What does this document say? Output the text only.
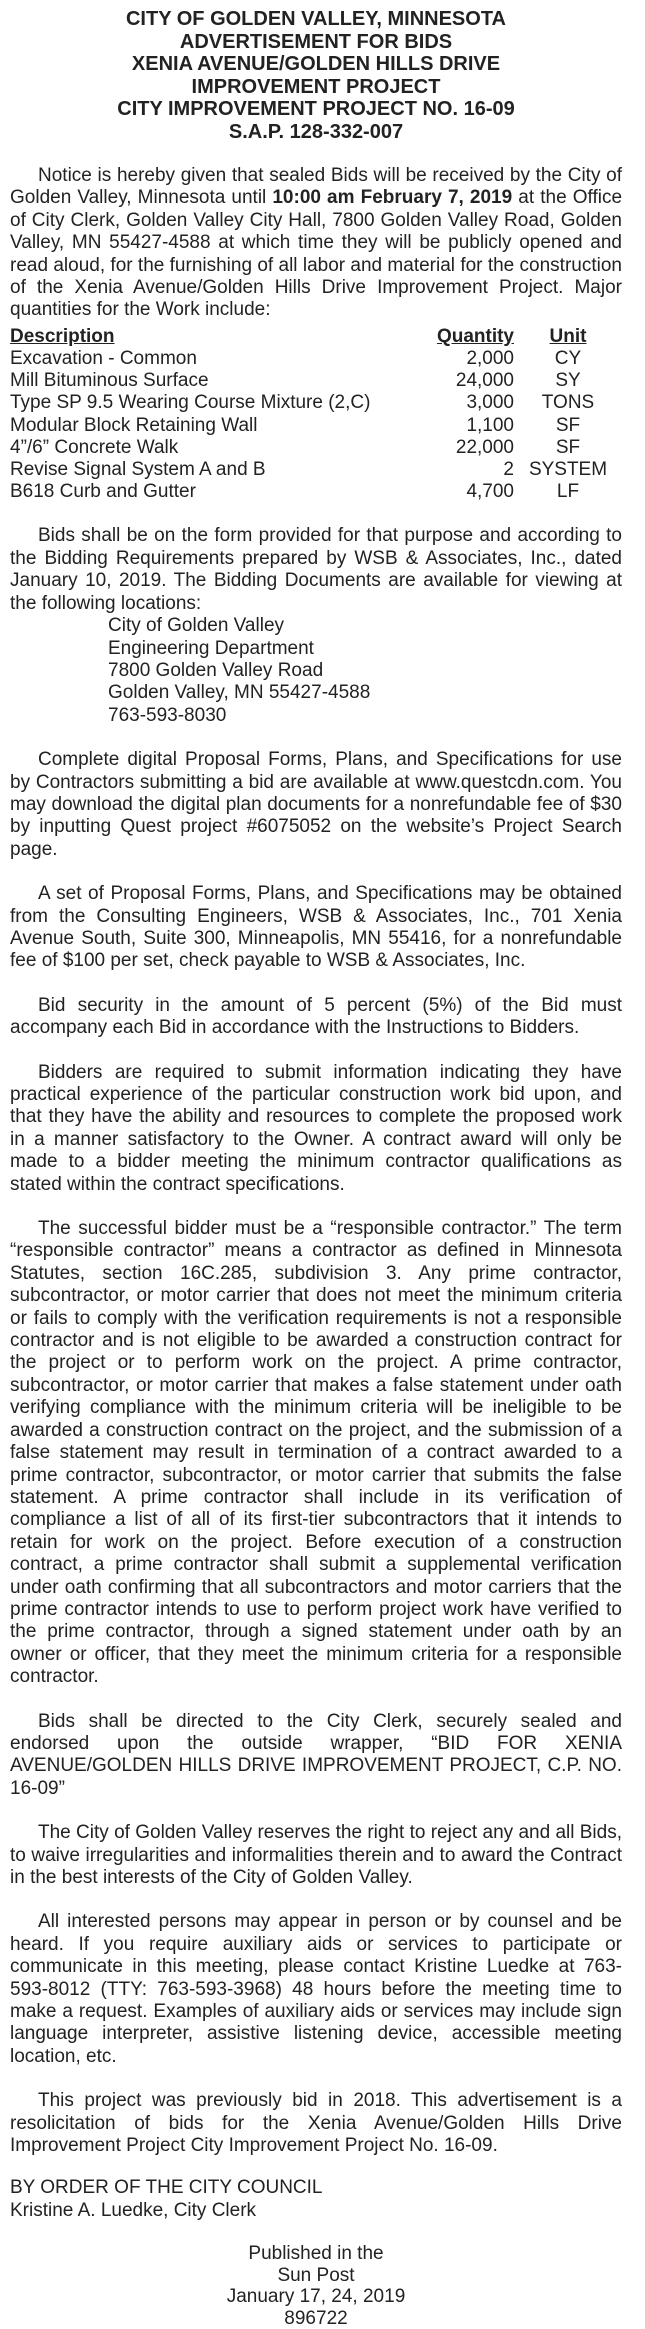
CITY OF GOLDEN VALLEY, MINNESOTA
ADVERTISEMENT FOR BIDS
XENIA AVENUE/GOLDEN HILLS DRIVE
IMPROVEMENT PROJECT
CITY IMPROVEMENT PROJECT NO. 16-09
S.A.P. 128-332-007

Notice is hereby given that sealed Bids will be received by the City of Golden Valley, Minnesota until 10:00 am February 7, 2019 at the Office of City Clerk, Golden Valley City Hall, 7800 Golden Valley Road, Golden Valley, MN 55427-4588 at which time they will be publicly opened and read aloud, for the furnishing of all labor and material for the construction of the Xenia Avenue/Golden Hills Drive Improvement Project. Major quantities for the Work include:

Description	Quantity	Unit
Excavation - Common	2,000	CY
Mill Bituminous Surface	24,000	SY
Type SP 9.5 Wearing Course Mixture (2,C)	3,000	TONS
Modular Block Retaining Wall	1,100	SF
4”/6” Concrete Walk	22,000	SF
Revise Signal System A and B	2	SYSTEM
B618 Curb and Gutter	4,700	LF

Bids shall be on the form provided for that purpose and according to the Bidding Requirements prepared by WSB & Associates, Inc., dated January 10, 2019. The Bidding Documents are available for viewing at the following locations:

City of Golden Valley
Engineering Department
7800 Golden Valley Road
Golden Valley, MN 55427-4588
763-593-8030

Complete digital Proposal Forms, Plans, and Specifications for use by Contractors submitting a bid are available at www.questcdn.com. You may download the digital plan documents for a nonrefundable fee of $30 by inputting Quest project #6075052 on the website’s Project Search page.

A set of Proposal Forms, Plans, and Specifications may be obtained from the Consulting Engineers, WSB & Associates, Inc., 701 Xenia Avenue South, Suite 300, Minneapolis, MN 55416, for a nonrefundable fee of $100 per set, check payable to WSB & Associates, Inc.

Bid security in the amount of 5 percent (5%) of the Bid must accompany each Bid in accordance with the Instructions to Bidders.

Bidders are required to submit information indicating they have practical experience of the particular construction work bid upon, and that they have the ability and resources to complete the proposed work in a manner satisfactory to the Owner. A contract award will only be made to a bidder meeting the minimum contractor qualifications as stated within the contract specifications.

The successful bidder must be a “responsible contractor.” The term “responsible contractor” means a contractor as defined in Minnesota Statutes, section 16C.285, subdivision 3. Any prime contractor, subcontractor, or motor carrier that does not meet the minimum criteria or fails to comply with the verification requirements is not a responsible contractor and is not eligible to be awarded a construction contract for the project or to perform work on the project. A prime contractor, subcontractor, or motor carrier that makes a false statement under oath verifying compliance with the minimum criteria will be ineligible to be awarded a construction contract on the project, and the submission of a false statement may result in termination of a contract awarded to a prime contractor, subcontractor, or motor carrier that submits the false statement. A prime contractor shall include in its verification of compliance a list of all of its first-tier subcontractors that it intends to retain for work on the project. Before execution of a construction contract, a prime contractor shall submit a supplemental verification under oath confirming that all subcontractors and motor carriers that the prime contractor intends to use to perform project work have verified to the prime contractor, through a signed statement under oath by an owner or officer, that they meet the minimum criteria for a responsible contractor.

Bids shall be directed to the City Clerk, securely sealed and endorsed upon the outside wrapper, “BID FOR XENIA AVENUE/GOLDEN HILLS DRIVE IMPROVEMENT PROJECT, C.P. NO. 16-09”

The City of Golden Valley reserves the right to reject any and all Bids, to waive irregularities and informalities therein and to award the Contract in the best interests of the City of Golden Valley.

All interested persons may appear in person or by counsel and be heard. If you require auxiliary aids or services to participate or communicate in this meeting, please contact Kristine Luedke at 763-593-8012 (TTY: 763-593-3968) 48 hours before the meeting time to make a request. Examples of auxiliary aids or services may include sign language interpreter, assistive listening device, accessible meeting location, etc.

This project was previously bid in 2018. This advertisement is a resolicitation of bids for the Xenia Avenue/Golden Hills Drive Improvement Project City Improvement Project No. 16-09.

BY ORDER OF THE CITY COUNCIL
Kristine A. Luedke, City Clerk
Published in the
Sun Post
January 17, 24, 2019
896722
